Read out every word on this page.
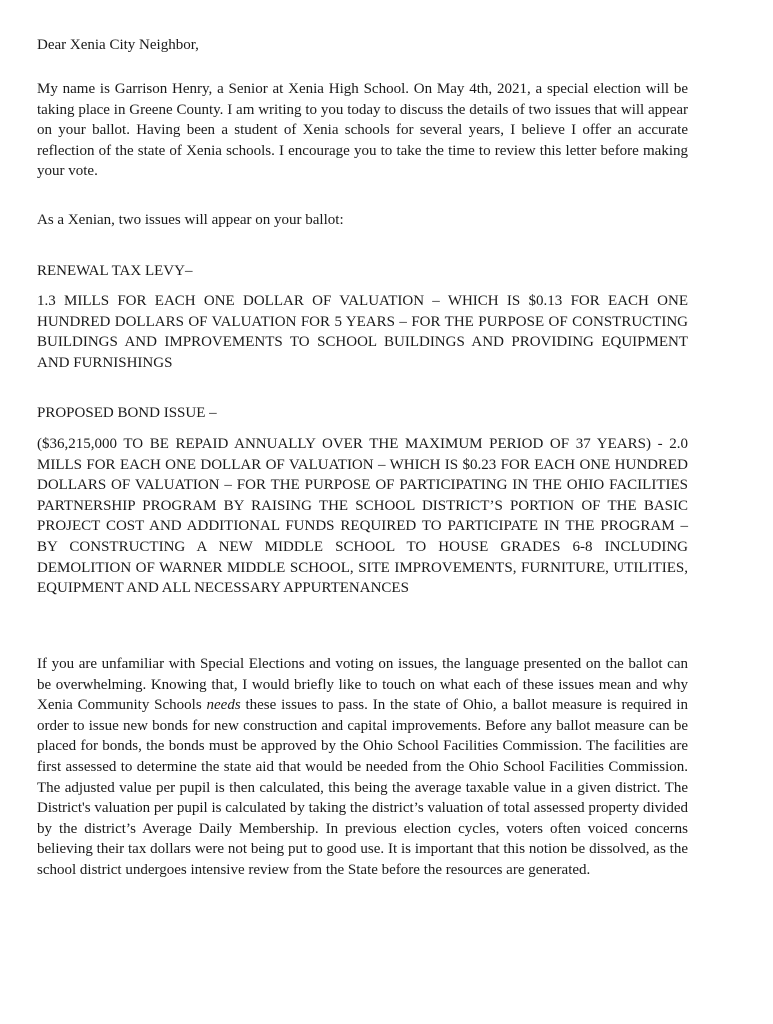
Dear Xenia City Neighbor,

My name is Garrison Henry, a Senior at Xenia High School. On May 4th, 2021, a special election will be taking place in Greene County. I am writing to you today to discuss the details of two issues that will appear on your ballot. Having been a student of Xenia schools for several years, I believe I offer an accurate reflection of the state of Xenia schools. I encourage you to take the time to review this letter before making your vote.

As a Xenian, two issues will appear on your ballot:

RENEWAL TAX LEVY–

1.3 MILLS FOR EACH ONE DOLLAR OF VALUATION – WHICH IS $0.13 FOR EACH ONE HUNDRED DOLLARS OF VALUATION FOR 5 YEARS – FOR THE PURPOSE OF CONSTRUCTING BUILDINGS AND IMPROVEMENTS TO SCHOOL BUILDINGS AND PROVIDING EQUIPMENT AND FURNISHINGS

PROPOSED BOND ISSUE –

($36,215,000 TO BE REPAID ANNUALLY OVER THE MAXIMUM PERIOD OF 37 YEARS) - 2.0 MILLS FOR EACH ONE DOLLAR OF VALUATION – WHICH IS $0.23 FOR EACH ONE HUNDRED DOLLARS OF VALUATION – FOR THE PURPOSE OF PARTICIPATING IN THE OHIO FACILITIES PARTNERSHIP PROGRAM BY RAISING THE SCHOOL DISTRICT’S PORTION OF THE BASIC PROJECT COST AND ADDITIONAL FUNDS REQUIRED TO PARTICIPATE IN THE PROGRAM – BY CONSTRUCTING A NEW MIDDLE SCHOOL TO HOUSE GRADES 6-8 INCLUDING DEMOLITION OF WARNER MIDDLE SCHOOL, SITE IMPROVEMENTS, FURNITURE, UTILITIES, EQUIPMENT AND ALL NECESSARY APPURTENANCES

If you are unfamiliar with Special Elections and voting on issues, the language presented on the ballot can be overwhelming. Knowing that, I would briefly like to touch on what each of these issues mean and why Xenia Community Schools needs these issues to pass. In the state of Ohio, a ballot measure is required in order to issue new bonds for new construction and capital improvements. Before any ballot measure can be placed for bonds, the bonds must be approved by the Ohio School Facilities Commission. The facilities are first assessed to determine the state aid that would be needed from the Ohio School Facilities Commission. The adjusted value per pupil is then calculated, this being the average taxable value in a given district. The District's valuation per pupil is calculated by taking the district’s valuation of total assessed property divided by the district’s Average Daily Membership. In previous election cycles, voters often voiced concerns believing their tax dollars were not being put to good use. It is important that this notion be dissolved, as the school district undergoes intensive review from the State before the resources are generated.
